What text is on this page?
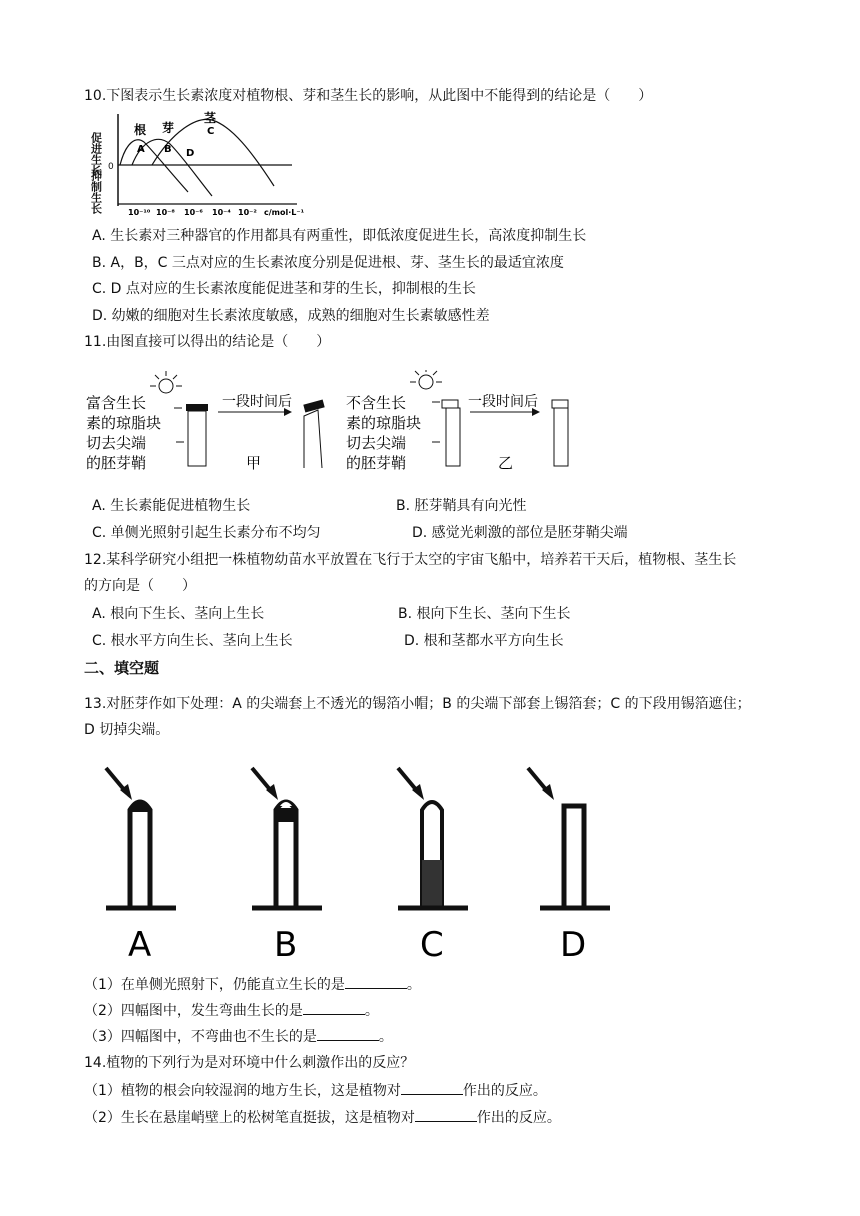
10.下图表示生长素浓度对植物根、芽和茎生长的影响，从此图中不能得到的结论是（　　）
促进生长 0
抑制生长
根 芽
茎
A B
C
D
10⁻¹⁰ 10⁻⁸ 10⁻⁶ 10⁻⁴ 10⁻² c/mol·L⁻¹
A. 生长素对三种器官的作用都具有两重性，即低浓度促进生长，高浓度抑制生长
B. A，B，C 三点对应的生长素浓度分别是促进根、芽、茎生长的最适宜浓度
C. D 点对应的生长素浓度能促进茎和芽的生长，抑制根的生长
D. 幼嫩的细胞对生长素浓度敏感，成熟的细胞对生长素敏感性差
11.由图直接可以得出的结论是（　　）
富含生长
素的琼脂块
切去尖端
的胚芽鞘
一段时间后
甲
不含生长
素的琼脂块
切去尖端
的胚芽鞘
一段时间后
乙
A. 生长素能促进植物生长	B. 胚芽鞘具有向光性
C. 单侧光照射引起生长素分布不均匀	D. 感觉光刺激的部位是胚芽鞘尖端
12.某科学研究小组把一株植物幼苗水平放置在飞行于太空的宇宙飞船中，培养若干天后，植物根、茎生长
的方向是（　　）
A. 根向下生长、茎向上生长	B. 根向下生长、茎向下生长
C. 根水平方向生长、茎向上生长	D. 根和茎都水平方向生长
二、填空题
13.对胚芽作如下处理：A 的尖端套上不透光的锡箔小帽；B 的尖端下部套上锡箔套；C 的下段用锡箔遮住；
D 切掉尖端。
A	B	C	D
（1）在单侧光照射下，仍能直立生长的是	。
（2）四幅图中，发生弯曲生长的是	。
（3）四幅图中，不弯曲也不生长的是	。
14.植物的下列行为是对环境中什么刺激作出的反应？
（1）植物的根会向较湿润的地方生长，这是植物对	作出的反应。
（2）生长在悬崖峭壁上的松树笔直挺拔，这是植物对	作出的反应。
